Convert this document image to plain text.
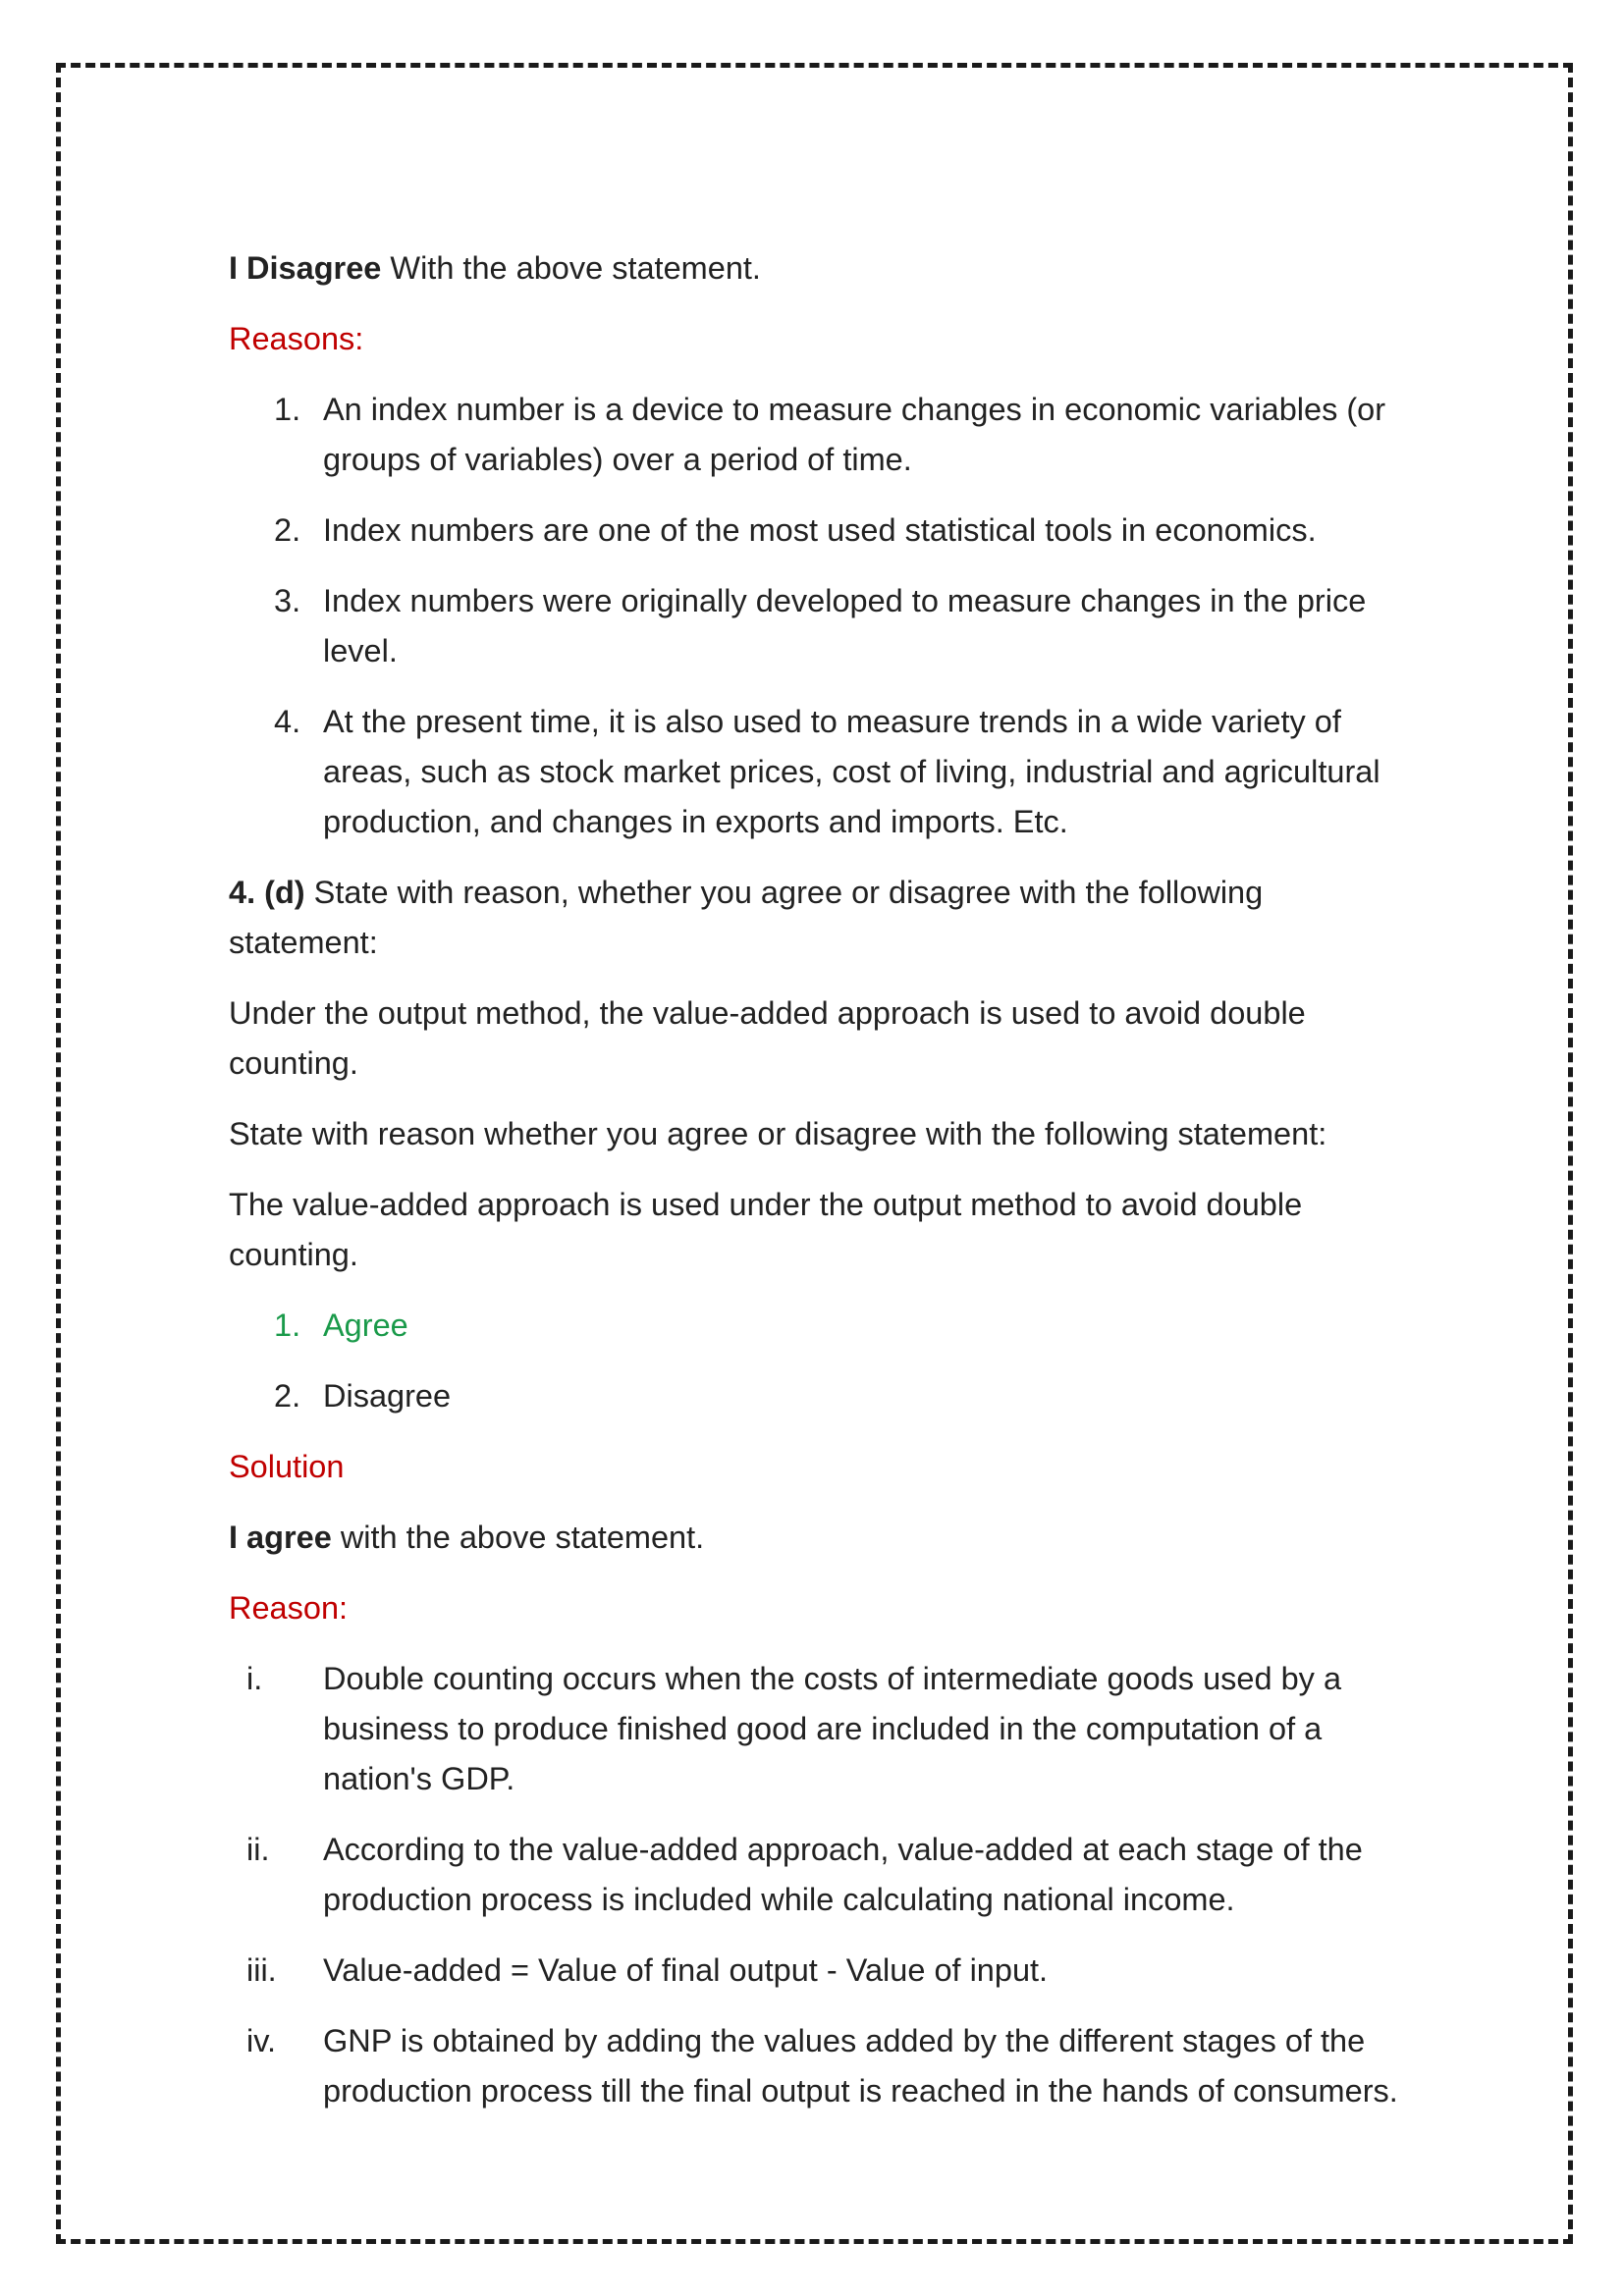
I Disagree With the above statement.

Reasons:

1. An index number is a device to measure changes in economic variables (or groups of variables) over a period of time.
2. Index numbers are one of the most used statistical tools in economics.
3. Index numbers were originally developed to measure changes in the price level.
4. At the present time, it is also used to measure trends in a wide variety of areas, such as stock market prices, cost of living, industrial and agricultural production, and changes in exports and imports. Etc.

4. (d) State with reason, whether you agree or disagree with the following statement:

Under the output method, the value-added approach is used to avoid double counting.

State with reason whether you agree or disagree with the following statement:

The value-added approach is used under the output method to avoid double counting.

1. Agree
2. Disagree

Solution

I agree with the above statement.

Reason:

i. Double counting occurs when the costs of intermediate goods used by a business to produce finished good are included in the computation of a nation's GDP.
ii. According to the value-added approach, value-added at each stage of the production process is included while calculating national income.
iii. Value-added = Value of final output - Value of input.
iv. GNP is obtained by adding the values added by the different stages of the production process till the final output is reached in the hands of consumers.
